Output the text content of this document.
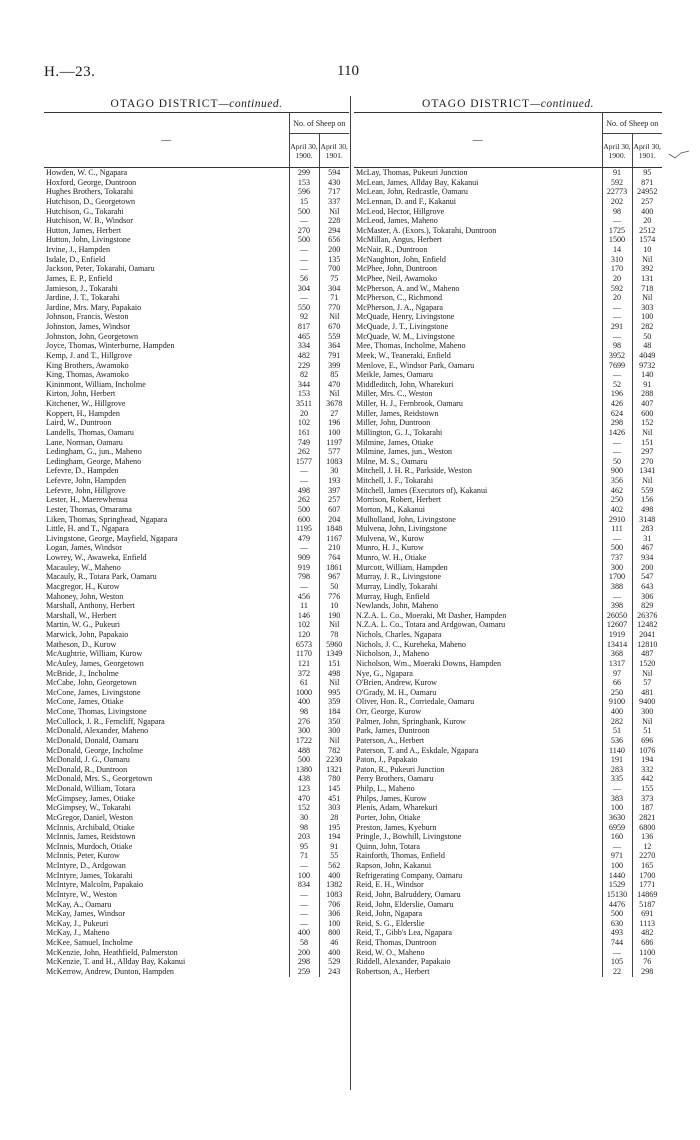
H.—23.	110
OTAGO DISTRICT—continued.
—	No. of Sheep on	
	April 30, 1900.	April 30, 1901.
Howden, W. C., Ngapara	299	594
Hoxford, George, Duntroon	153	430
Hughes Brothers, Tokarahi	596	717
Hutchison, D., Georgetown	15	337
Hutchison, G., Tokarahi	500	Nil
Hutchison, W. B., Windsor	—	228
Hutton, James, Herbert	270	294
Hutton, John, Livingstone	500	656
Irvine, J., Hampden	—	200
Isdale, D., Enfield	—	135
Jackson, Peter, Tokarahi, Oamaru	—	700
James, E. P., Enfield	56	75
Jamieson, J., Tokarahi	304	304
Jardine, J. T., Tokarahi	—	71
Jardine, Mrs. Mary, Papakaio	550	770
Johnson, Francis, Weston	92	Nil
Johnston, James, Windsor	817	670
Johnston, John, Georgetown	465	559
Joyce, Thomas, Winterburne, Hampden	334	364
Kemp, J. and T., Hillgrove	482	791
King Brothers, Awamoko	229	399
King, Thomas, Awamoko	82	85
Kininmont, William, Incholme	344	470
Kirton, John, Herbert	153	Nil
Kitchener, W., Hillgrove	3511	3678
Koppert, H., Hampden	20	27
Laird, W., Duntroon	102	196
Landells, Thomas, Oamaru	161	100
Lane, Norman, Oamaru	749	1197
Ledingham, G., jun., Maheno	262	577
Ledingham, George, Maheno	1577	1083
Lefevre, D., Hampden	—	30
Lefevre, John, Hampden	—	193
Lefevre, John, Hillgrove	498	397
Lester, H., Maerewhenua	262	257
Lester, Thomas, Omarama	500	607
Liken, Thomas, Springhead, Ngapara	600	204
Little, H. and T., Ngapara	1195	1848
Livingstone, George, Mayfield, Ngapara	479	1167
Logan, James, Windsor	—	210
Lowrey, W., Awaweka, Enfield	909	764
Macauley, W., Maheno	919	1861
Macauly, R., Totara Park, Oamaru	798	967
Macgregor, H., Kurow	—	50
Mahoney, John, Weston	456	776
Marshall, Anthony, Herbert	11	10
Marshall, W., Herbert	146	190
Martin, W. G., Pukeuri	102	Nil
Marwick, John, Papakaio	120	78
Matheson, D., Kurow	6573	5960
McAughtrie, William, Kurow	1170	1349
McAuley, James, Georgetown	121	151
McBride, J., Incholme	372	498
McCabe, John, Georgetown	61	Nil
McCone, James, Livingstone	1000	995
McCone, James, Otiake	400	359
McCone, Thomas, Livingstone	98	184
McCullock, J. R., Ferncliff, Ngapara	276	350
McDonald, Alexander, Maheno	300	300
McDonald, Donald, Oamaru	1722	Nil
McDonald, George, Incholme	488	782
McDonald, J. G., Oamaru	500	2230
McDonald, R., Duntroon	1380	1321
McDonald, Mrs. S., Georgetown	438	780
McDonald, William, Totara	123	145
McGimpsey, James, Otiake	470	451
McGimpsey, W., Tokarahi	152	303
McGregor, Daniel, Weston	30	28
McInnis, Archibald, Otiake	98	195
McInnis, James, Reidstown	203	194
McInnis, Murdoch, Otiake	95	91
McInnis, Peter, Kurow	71	55
McIntyre, D., Ardgowan	—	562
McIntyre, James, Tokarahi	100	400
McIntyre, Malcolm, Papakaio	834	1382
McIntyre, W., Weston	—	1083
McKay, A., Oamaru	—	706
McKay, James, Windsor	—	306
McKay, J., Pukeuri	—	100
McKay, J., Maheno	400	800
McKee, Samuel, Incholme	58	46
McKenzie, John, Heathfield, Palmerston	200	400
McKenzie, T. and H., Allday Bay, Kakanui	298	529
McKerrow, Andrew, Dunton, Hampden	259	243
OTAGO DISTRICT—continued.
—	No. of Sheep on	
	April 30, 1900.	April 30, 1901.
McLay, Thomas, Pukeuri Junction	91	95
McLean, James, Allday Bay, Kakanui	592	871
McLean, John, Redcastle, Oamaru	22773	24952
McLennan, D. and F., Kakanui	202	257
McLeod, Hector, Hillgrove	98	400
McLeod, James, Maheno	—	20
McMaster, A. (Exors.), Tokarahi, Duntroon	1725	2512
McMillan, Angus, Herbert	1500	1574
McNair, R., Duntroon	14	10
McNaughton, John, Enfield	310	Nil
McPhee, John, Duntroon	170	392
McPhee, Neil, Awamoko	20	131
McPherson, A. and W., Maheno	592	718
McPherson, C., Richmond	20	Nil
McPherson, J. A., Ngapara	—	303
McQuade, Henry, Livingstone	—	100
McQuade, J. T., Livingstone	291	282
McQuade, W. M., Livingstone	—	50
Mee, Thomas, Incholme, Maheno	98	48
Meek, W., Teaneraki, Enfield	3952	4049
Menlove, E., Windsor Park, Oamaru	7699	9732
Meikle, James, Oamaru	—	140
Middleditch, John, Wharekuri	52	91
Miller, Mrs. C., Weston	196	288
Miller, H. J., Fernbrook, Oamaru	426	407
Miller, James, Reidstown	624	600
Miller, John, Duntroon	298	152
Millington, G. J., Tokarahi	1426	Nil
Milmine, James, Otiake	—	151
Milmine, James, jun., Weston	—	297
Milne, M. S., Oamaru	50	270
Mitchell, J. H. R., Parkside, Weston	900	1341
Mitchell, J. F., Tokarahi	356	Nil
Mitchell, James (Executors of), Kakanui	462	559
Morrison, Robert, Herbert	250	156
Morton, M., Kakanui	402	498
Mulholland, John, Livingstone	2910	3148
Mulvena, John, Livingstone	111	283
Mulvena, W., Kurow	—	31
Munro, H. J., Kurow	500	467
Munro, W. H., Otiake	737	934
Murcott, William, Hampden	300	200
Murray, J. R., Livingstone	1700	547
Murray, Lindly, Tokarahi	388	643
Murray, Hugh, Enfield	—	306
Newlands, John, Maheno	398	829
N.Z.A. L. Co., Moeraki, Mt Dasher, Hampden	26050	26376
N.Z.A. L. Co., Totara and Ardgowan, Oamaru	12607	12482
Nichols, Charles, Ngapara	1919	2041
Nichols, J. C., Kureheka, Maheno	13414	12810
Nicholson, J., Maheno	368	487
Nicholson, Wm., Moeraki Downs, Hampden	1317	1520
Nye, G., Ngapara	97	Nil
O'Brien, Andrew, Kurow	66	57
O'Grady, M. H., Oamaru	250	481
Oliver, Hon. R., Corriedale, Oamaru	9100	9400
Orr, George, Kurow	400	300
Palmer, John, Springbank, Kurow	282	Nil
Park, James, Duntroon	51	51
Paterson, A., Herbert	536	696
Paterson, T. and A., Eskdale, Ngapara	1140	1076
Paton, J., Papakaio	191	194
Paton, R., Pukeuri Junction	283	332
Perry Brothers, Oamaru	335	442
Philp, L., Maheno	—	155
Philps, James, Kurow	383	373
Plenis, Adam, Wharekuri	100	187
Porter, John, Otiake	3630	2821
Preston, James, Kyeburn	6959	6800
Pringle, J., Bowhill, Livingstone	160	136
Quinn, John, Totara	—	12
Rainforth, Thomas, Enfield	971	2270
Rapson, John, Kakanui	100	165
Refrigerating Company, Oamaru	1440	1700
Reid, E. H., Windsor	1529	1771
Reid, John, Balruddery, Oamaru	15130	14869
Reid, John, Elderslie, Oamaru	4476	5187
Reid, John, Ngapara	500	691
Reid, S. G., Elderslie	630	1113
Reid, T., Gibb's Lea, Ngapara	493	482
Reid, Thomas, Duntroon	744	686
Reid, W. O., Maheno	—	1100
Riddell, Alexander, Papakaio	105	76
Robertson, A., Herbert	22	298
